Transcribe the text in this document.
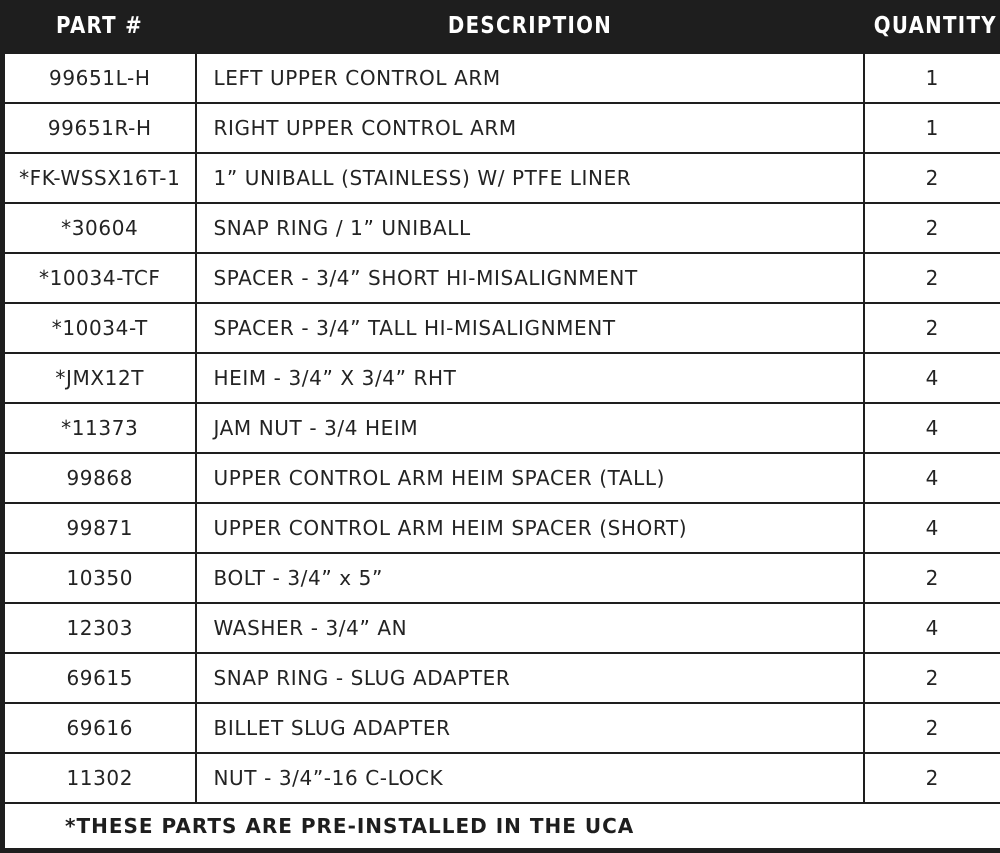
PART #	DESCRIPTION	QUANTITY
99651L-H	LEFT UPPER CONTROL ARM	1
99651R-H	RIGHT UPPER CONTROL ARM	1
*FK-WSSX16T-1	1” UNIBALL (STAINLESS) W/ PTFE LINER	2
*30604	SNAP RING / 1” UNIBALL	2
*10034-TCF	SPACER - 3/4” SHORT HI-MISALIGNMENT	2
*10034-T	SPACER - 3/4” TALL HI-MISALIGNMENT	2
*JMX12T	HEIM - 3/4” X 3/4” RHT	4
*11373	JAM NUT - 3/4 HEIM	4
99868	UPPER CONTROL ARM HEIM SPACER (TALL)	4
99871	UPPER CONTROL ARM HEIM SPACER (SHORT)	4
10350	BOLT - 3/4” x 5”	2
12303	WASHER - 3/4” AN	4
69615	SNAP RING - SLUG ADAPTER	2
69616	BILLET SLUG ADAPTER	2
11302	NUT - 3/4”-16 C-LOCK	2
*THESE PARTS ARE PRE-INSTALLED IN THE UCA		
